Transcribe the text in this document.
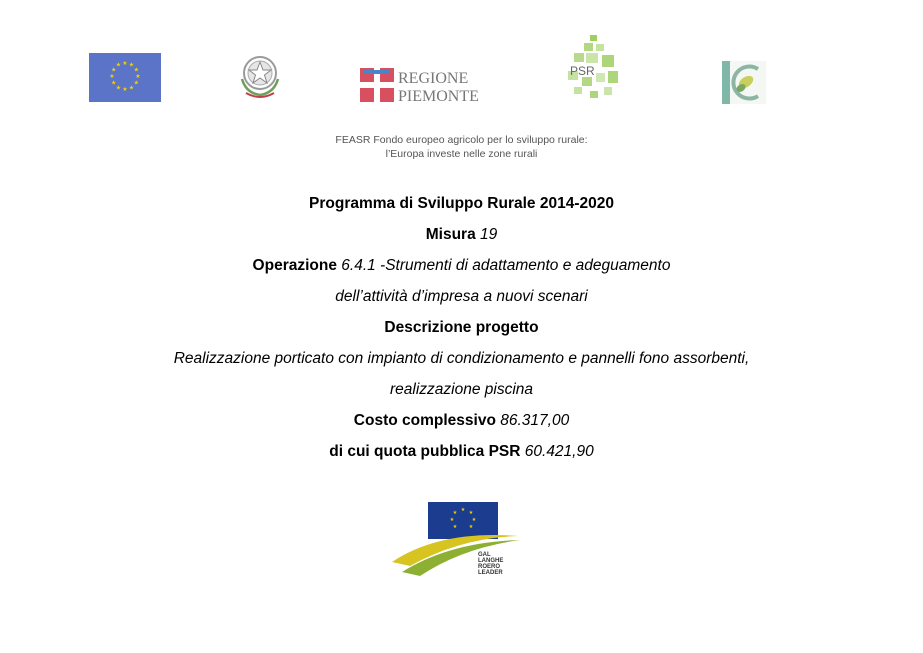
★ ★
★
★
★
★
★
★
★
★
★
★
REGIONE
PIEMONTE
PSR
FEASR Fondo europeo agricolo per lo sviluppo rurale:
l’Europa investe nelle zone rurali
Programma di Sviluppo Rurale 2014-2020
Misura 19
Operazione 6.4.1 -Strumenti di adattamento e adeguamento
dell’attività d’impresa a nuovi scenari
Descrizione progetto
Realizzazione porticato con impianto di condizionamento e pannelli fono assorbenti,
realizzazione piscina
Costo complessivo 86.317,00
di cui quota pubblica PSR 60.421,90
★ ★
★
★
★
★
★
GAL
LANGHE
ROERO
LEADER
